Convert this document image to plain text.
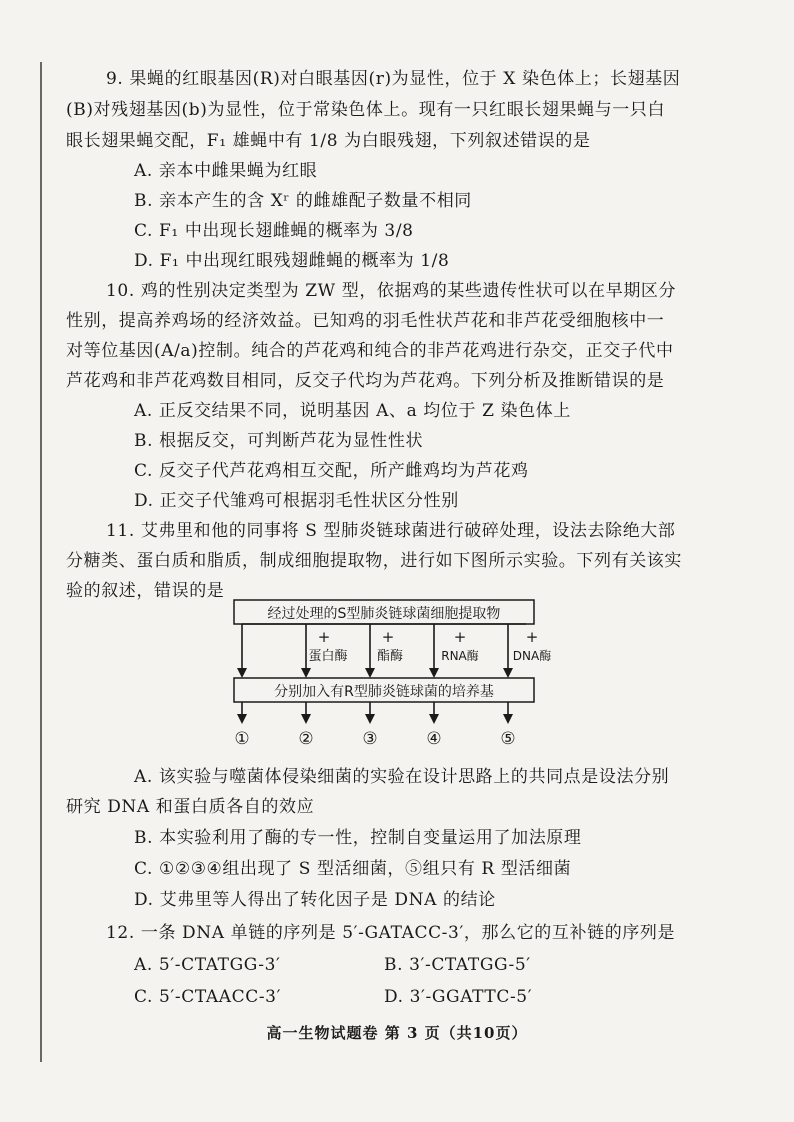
9. 果蝇的红眼基因(R)对白眼基因(r)为显性，位于 X 染色体上；长翅基因
(B)对残翅基因(b)为显性，位于常染色体上。现有一只红眼长翅果蝇与一只白
眼长翅果蝇交配，F₁ 雄蝇中有 1/8 为白眼残翅，下列叙述错误的是
A. 亲本中雌果蝇为红眼
B. 亲本产生的含 Xʳ 的雌雄配子数量不相同
C. F₁ 中出现长翅雌蝇的概率为 3/8
D. F₁ 中出现红眼残翅雌蝇的概率为 1/8
10. 鸡的性别决定类型为 ZW 型，依据鸡的某些遗传性状可以在早期区分
性别，提高养鸡场的经济效益。已知鸡的羽毛性状芦花和非芦花受细胞核中一
对等位基因(A/a)控制。纯合的芦花鸡和纯合的非芦花鸡进行杂交，正交子代中
芦花鸡和非芦花鸡数目相同，反交子代均为芦花鸡。下列分析及推断错误的是
A. 正反交结果不同，说明基因 A、a 均位于 Z 染色体上
B. 根据反交，可判断芦花为显性性状
C. 反交子代芦花鸡相互交配，所产雌鸡均为芦花鸡
D. 正交子代雏鸡可根据羽毛性状区分性别
11. 艾弗里和他的同事将 S 型肺炎链球菌进行破碎处理，设法去除绝大部
分糖类、蛋白质和脂质，制成细胞提取物，进行如下图所示实验。下列有关该实
验的叙述，错误的是
经过处理的S型肺炎链球菌细胞提取物
+
蛋白酶
+
酯酶
+
RNA酶
+
DNA酶
分别加入有R型肺炎链球菌的培养基
①	②	③	④	⑤
A. 该实验与噬菌体侵染细菌的实验在设计思路上的共同点是设法分别
研究 DNA 和蛋白质各自的效应
B. 本实验利用了酶的专一性，控制自变量运用了加法原理
C. ①②③④组出现了 S 型活细菌，⑤组只有 R 型活细菌
D. 艾弗里等人得出了转化因子是 DNA 的结论
12. 一条 DNA 单链的序列是 5′-GATACC-3′，那么它的互补链的序列是
A. 5′-CTATGG-3′	B. 3′-CTATGG-5′
C. 5′-CTAACC-3′	D. 3′-GGATTC-5′
高一生物试题卷 第 3 页（共10页）
